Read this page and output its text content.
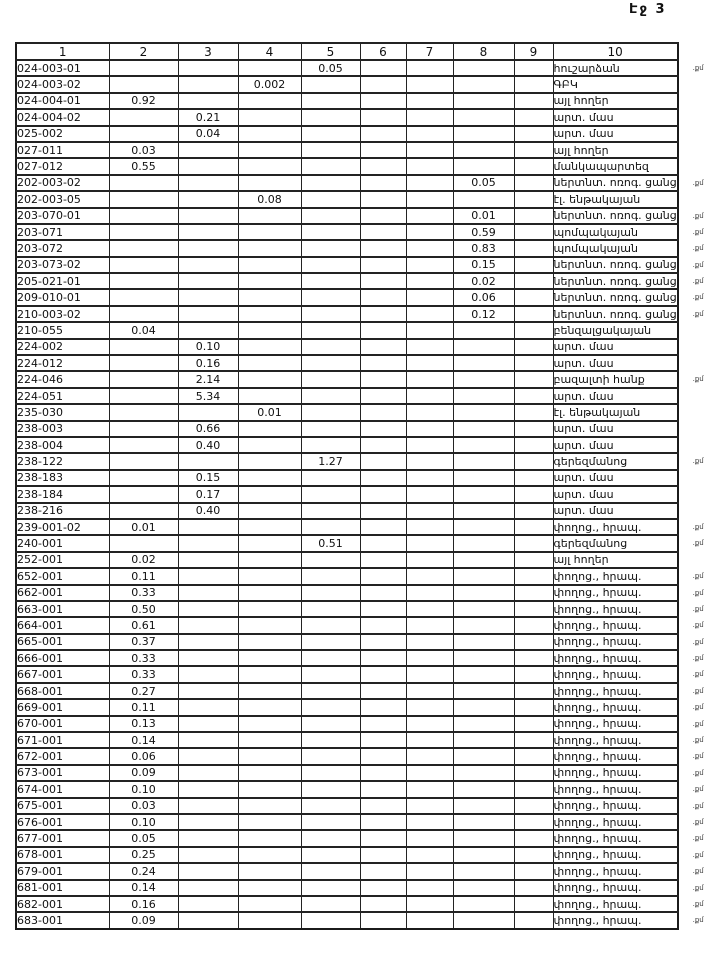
Էջ 3
1	2	3	4	5	6	7	8	9	10
024-003-01				0.05					հուշարձան .քմ

024-003-02			0.002						ԳԲԿ
024-004-01	0.92								այլ հողեր
024-004-02		0.21							արտ. մաս
025-002		0.04							արտ. մաս
027-011	0.03								այլ հողեր
027-012	0.55								մանկապարտեզ
202-003-02							0.05		ներտնտ. ոռոգ. ցանց .քմ

202-003-05			0.08						էլ. ենթակայան
203-070-01							0.01		ներտնտ. ոռոգ. ցանց .քմ

203-071							0.59		պոմպակայան .քմ

203-072							0.83		պոմպակայան .քմ

203-073-02							0.15		ներտնտ. ոռոգ. ցանց .քմ

205-021-01							0.02		ներտնտ. ոռոգ. ցանց .քմ

209-010-01							0.06		ներտնտ. ոռոգ. ցանց .քմ

210-003-02							0.12		ներտնտ. ոռոգ. ցանց .քմ

210-055	0.04								բենզալցակայան
224-002		0.10							արտ. մաս
224-012		0.16							արտ. մաս
224-046		2.14							բազալտի հանք .քմ

224-051		5.34							արտ. մաս
235-030			0.01						էլ. ենթակայան
238-003		0.66							արտ. մաս
238-004		0.40							արտ. մաս
238-122				1.27					գերեզմանոց .քմ

238-183		0.15							արտ. մաս
238-184		0.17							արտ. մաս
238-216		0.40							արտ. մաս
239-001-02	0.01								փողոց., հրապ. .քմ

240-001				0.51					գերեզմանոց .քմ

252-001	0.02								այլ հողեր
652-001	0.11								փողոց., հրապ. .քմ

662-001	0.33								փողոց., հրապ. .քմ

663-001	0.50								փողոց., հրապ. .քմ

664-001	0.61								փողոց., հրապ. .քմ

665-001	0.37								փողոց., հրապ. .քմ

666-001	0.33								փողոց., հրապ. .քմ

667-001	0.33								փողոց., հրապ. .քմ

668-001	0.27								փողոց., հրապ. .քմ

669-001	0.11								փողոց., հրապ. .քմ

670-001	0.13								փողոց., հրապ. .քմ

671-001	0.14								փողոց., հրապ. .քմ

672-001	0.06								փողոց., հրապ. .քմ

673-001	0.09								փողոց., հրապ. .քմ

674-001	0.10								փողոց., հրապ. .քմ

675-001	0.03								փողոց., հրապ. .քմ

676-001	0.10								փողոց., հրապ. .քմ

677-001	0.05								փողոց., հրապ. .քմ

678-001	0.25								փողոց., հրապ. .քմ

679-001	0.24								փողոց., հրապ. .քմ

681-001	0.14								փողոց., հրապ. .քմ

682-001	0.16								փողոց., հրապ. .քմ

683-001	0.09								փողոց., հրապ. .քմ
